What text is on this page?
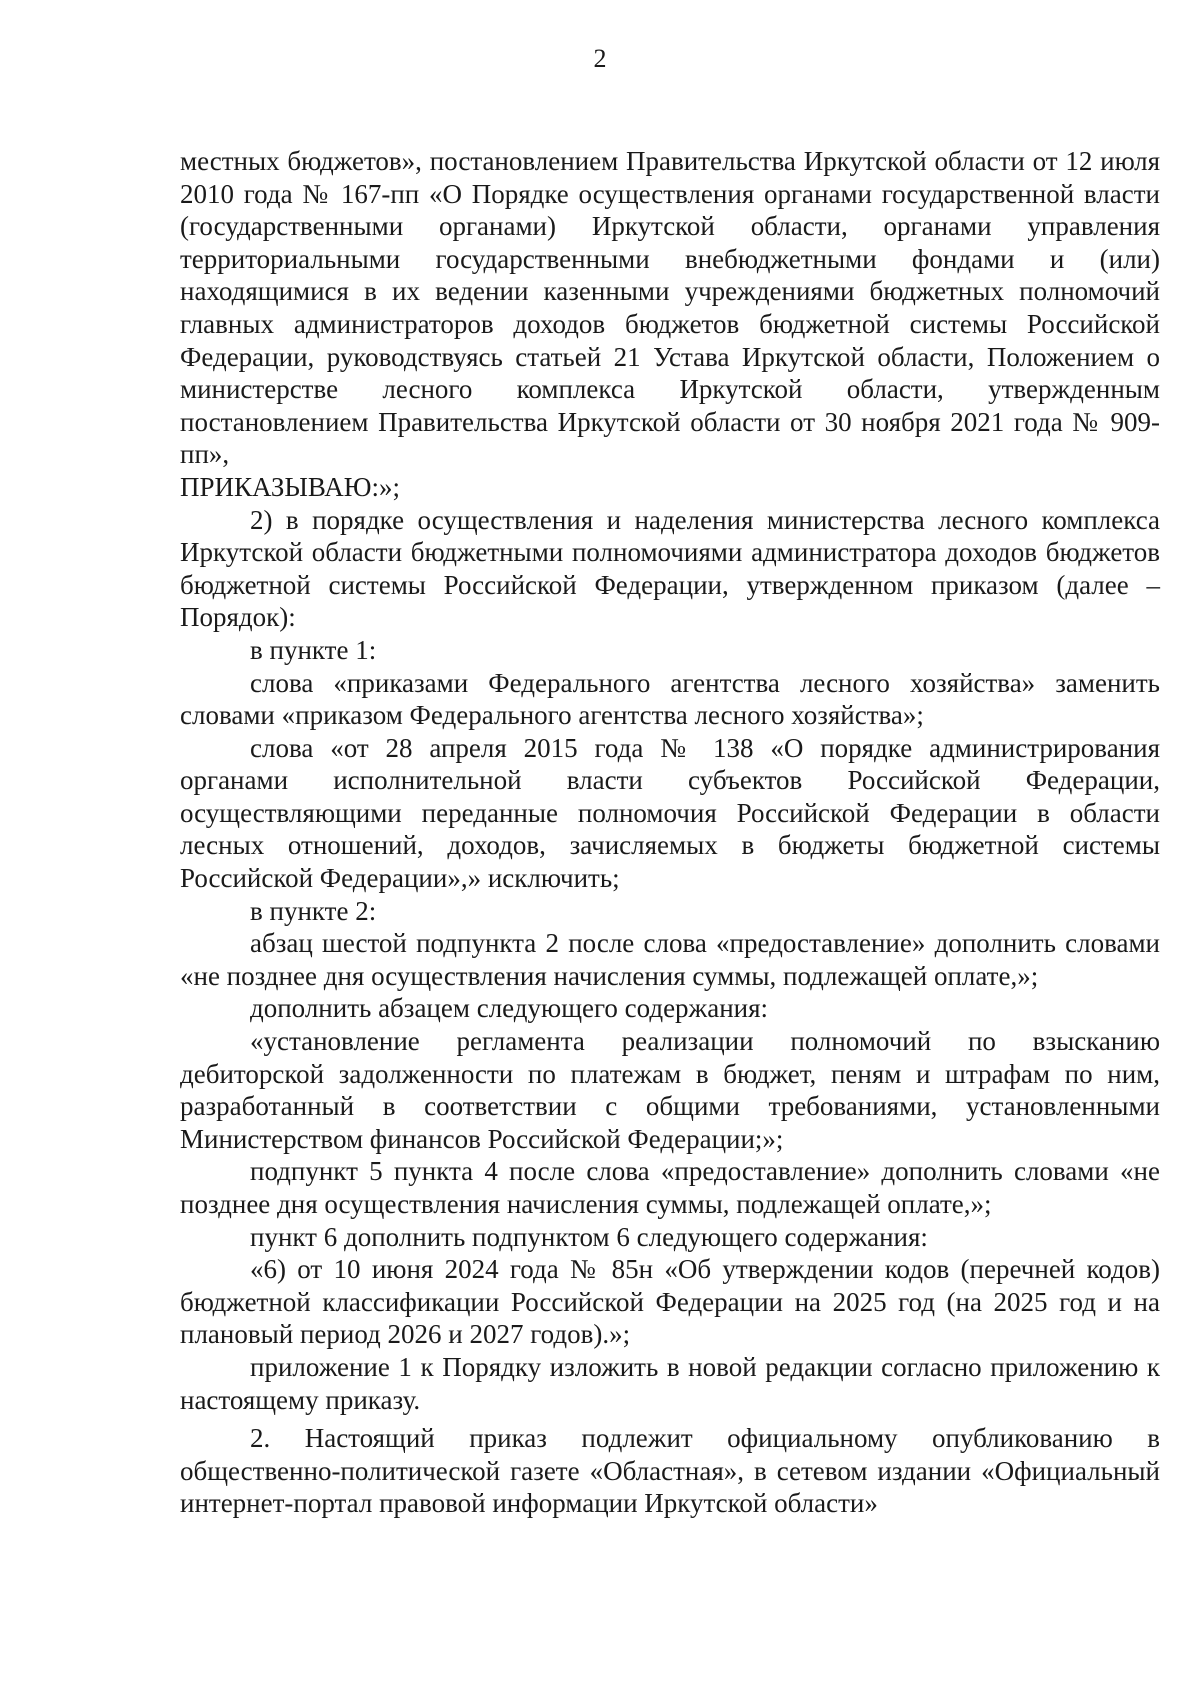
2

местных бюджетов», постановлением Правительства Иркутской области от 12 июля 2010 года № 167-пп «О Порядке осуществления органами государственной власти (государственными органами) Иркутской области, органами управления территориальными государственными внебюджетными фондами и (или) находящимися в их ведении казенными учреждениями бюджетных полномочий главных администраторов доходов бюджетов бюджетной системы Российской Федерации, руководствуясь статьей 21 Устава Иркутской области, Положением о министерстве лесного комплекса Иркутской области, утвержденным постановлением Правительства Иркутской области от 30 ноября 2021 года № 909-пп»,

ПРИКАЗЫВАЮ:»;

2) в порядке осуществления и наделения министерства лесного комплекса Иркутской области бюджетными полномочиями администратора доходов бюджетов бюджетной системы Российской Федерации, утвержденном приказом (далее – Порядок):

в пункте 1:

слова «приказами Федерального агентства лесного хозяйства» заменить словами «приказом Федерального агентства лесного хозяйства»;

слова «от 28 апреля 2015 года № 138 «О порядке администрирования органами исполнительной власти субъектов Российской Федерации, осуществляющими переданные полномочия Российской Федерации в области лесных отношений, доходов, зачисляемых в бюджеты бюджетной системы Российской Федерации»,» исключить;

в пункте 2:

абзац шестой подпункта 2 после слова «предоставление» дополнить словами «не позднее дня осуществления начисления суммы, подлежащей оплате,»;

дополнить абзацем следующего содержания:

«установление регламента реализации полномочий по взысканию дебиторской задолженности по платежам в бюджет, пеням и штрафам по ним, разработанный в соответствии с общими требованиями, установленными Министерством финансов Российской Федерации;»;

подпункт 5 пункта 4 после слова «предоставление» дополнить словами «не позднее дня осуществления начисления суммы, подлежащей оплате,»;

пункт 6 дополнить подпунктом 6 следующего содержания:

«6) от 10 июня 2024 года № 85н «Об утверждении кодов (перечней кодов) бюджетной классификации Российской Федерации на 2025 год (на 2025 год и на плановый период 2026 и 2027 годов).»;

приложение 1 к Порядку изложить в новой редакции согласно приложению к настоящему приказу.

2. Настоящий приказ подлежит официальному опубликованию в общественно-политической газете «Областная», в сетевом издании «Официальный интернет-портал правовой информации Иркутской области»
